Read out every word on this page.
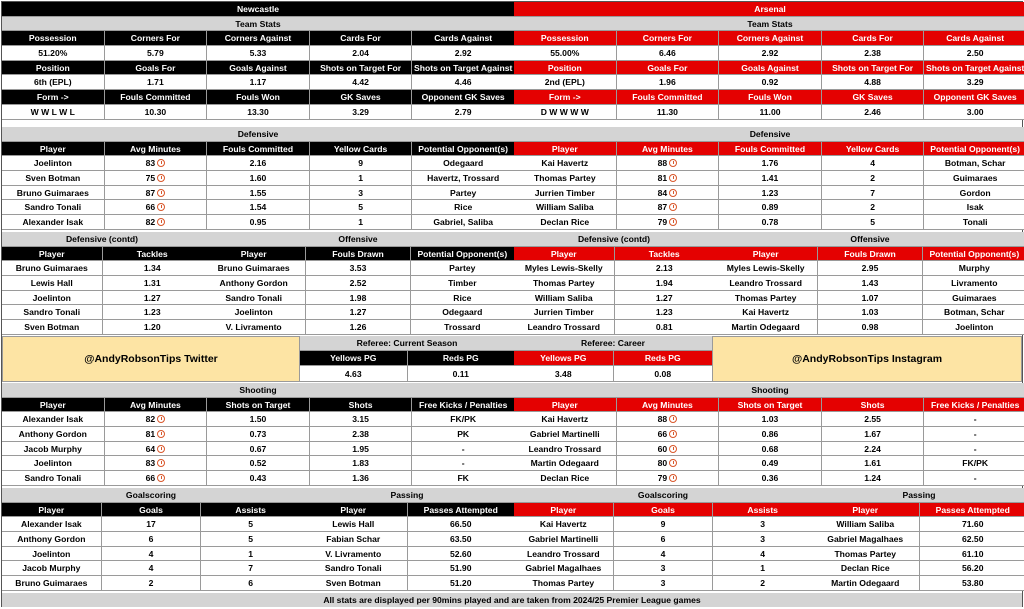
Newcastle
Team Stats
Possession	Corners For	Corners Against	Cards For	Cards Against
51.20%	5.79	5.33	2.04	2.92
Position	Goals For	Goals Against	Shots on Target For	Shots on Target Against
6th (EPL)	1.71	1.17	4.42	4.46
Form ->	Fouls Committed	Fouls Won	GK Saves	Opponent GK Saves
W W L W L	10.30	13.30	3.29	2.79
Defensive
Player	Avg Minutes	Fouls Committed	Yellow Cards	Potential Opponent(s)
Joelinton	83	2.16	9	Odegaard
Sven Botman	75	1.60	1	Havertz, Trossard
Bruno Guimaraes	87	1.55	3	Partey
Sandro Tonali	66	1.54	5	Rice
Alexander Isak	82	0.95	1	Gabriel, Saliba
Defensive (contd)
Player	Tackles
Bruno Guimaraes	1.34
Lewis Hall	1.31
Joelinton	1.27
Sandro Tonali	1.23
Sven Botman	1.20
Offensive
Player	Fouls Drawn	Potential Opponent(s)
Bruno Guimaraes	3.53	Partey
Anthony Gordon	2.52	Timber
Sandro Tonali	1.98	Rice
Joelinton	1.27	Odegaard
V. Livramento	1.26	Trossard
Shooting
Player	Avg Minutes	Shots on Target	Shots	Free Kicks / Penalties
Alexander Isak	82	1.50	3.15	FK/PK
Anthony Gordon	81	0.73	2.38	PK
Jacob Murphy	64	0.67	1.95	-
Joelinton	83	0.52	1.83	-
Sandro Tonali	66	0.43	1.36	FK
Goalscoring
Player	Goals	Assists
Alexander Isak	17	5
Anthony Gordon	6	5
Joelinton	4	1
Jacob Murphy	4	7
Bruno Guimaraes	2	6
Passing
Player	Passes Attempted
Lewis Hall	66.50
Fabian Schar	63.50
V. Livramento	52.60
Sandro Tonali	51.90
Sven Botman	51.20
Arsenal
Team Stats
Possession	Corners For	Corners Against	Cards For	Cards Against
55.00%	6.46	2.92	2.38	2.50
Position	Goals For	Goals Against	Shots on Target For	Shots on Target Against
2nd (EPL)	1.96	0.92	4.88	3.29
Form ->	Fouls Committed	Fouls Won	GK Saves	Opponent GK Saves
D W W W W	11.30	11.00	2.46	3.00
Defensive
Player	Avg Minutes	Fouls Committed	Yellow Cards	Potential Opponent(s)
Kai Havertz	88	1.76	4	Botman, Schar
Thomas Partey	81	1.41	2	Guimaraes
Jurrien Timber	84	1.23	7	Gordon
William Saliba	87	0.89	2	Isak
Declan Rice	79	0.78	5	Tonali
Defensive (contd)
Player	Tackles
Myles Lewis-Skelly	2.13
Thomas Partey	1.94
William Saliba	1.27
Jurrien Timber	1.23
Leandro Trossard	0.81
Offensive
Player	Fouls Drawn	Potential Opponent(s)
Myles Lewis-Skelly	2.95	Murphy
Leandro Trossard	1.43	Livramento
Thomas Partey	1.07	Guimaraes
Kai Havertz	1.03	Botman, Schar
Martin Odegaard	0.98	Joelinton
Shooting
Player	Avg Minutes	Shots on Target	Shots	Free Kicks / Penalties
Kai Havertz	88	1.03	2.55	-
Gabriel Martinelli	66	0.86	1.67	-
Leandro Trossard	60	0.68	2.24	-
Martin Odegaard	80	0.49	1.61	FK/PK
Declan Rice	79	0.36	1.24	-
Goalscoring
Player	Goals	Assists
Kai Havertz	9	3
Gabriel Martinelli	6	3
Leandro Trossard	4	4
Gabriel Magalhaes	3	1
Thomas Partey	3	2
Passing
Player	Passes Attempted
William Saliba	71.60
Gabriel Magalhaes	62.50
Thomas Partey	61.10
Declan Rice	56.20
Martin Odegaard	53.80
@AndyRobsonTips Twitter	@AndyRobsonTips Instagram
Referee: Current Season
Yellows PG	Reds PG
4.63	0.11
Referee: Career
Yellows PG	Reds PG
3.48	0.08
All stats are displayed per 90mins played and are taken from 2024/25 Premier League games
